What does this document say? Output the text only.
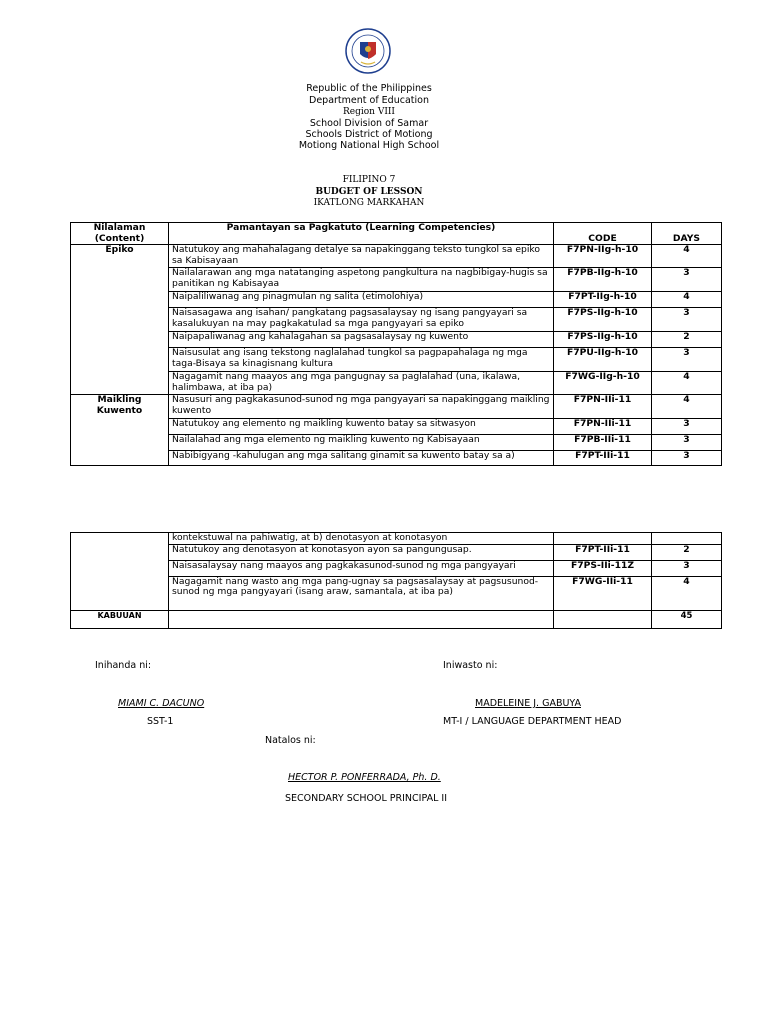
Republic of the Philippines
Department of Education
Region VIII
School Division of Samar
Schools District of Motiong
Motiong National High School
FILIPINO 7
BUDGET OF LESSON
IKATLONG MARKAHAN
Nilalaman
(Content)	Pamantayan sa Pagkatuto (Learning Competencies)	CODE	DAYS
Epiko	Natutukoy ang mahahalagang detalye sa napakinggang teksto tungkol sa epiko sa Kabisayaan	F7PN-IIg-h-10	4
	Nailalarawan ang mga natatanging aspetong pangkultura na nagbibigay-hugis sa panitikan ng Kabisayaa	F7PB-IIg-h-10	3
	Naipaliliwanag ang pinagmulan ng salita (etimolohiya)	F7PT-IIg-h-10	4
	Naisasagawa ang isahan/ pangkatang pagsasalaysay ng isang pangyayari sa kasalukuyan na may pagkakatulad sa mga pangyayari sa epiko	F7PS-IIg-h-10	3
	Naipapaliwanag ang kahalagahan sa pagsasalaysay ng kuwento	F7PS-IIg-h-10	2
	Naisusulat ang isang tekstong naglalahad tungkol sa pagpapahalaga ng mga taga-Bisaya sa kinagisnang kultura	F7PU-IIg-h-10	3
	Nagagamit nang maayos ang mga pangugnay sa paglalahad (una, ikalawa, halimbawa, at iba pa)	F7WG-IIg-h-10	4
Maikling
Kuwento	Nasusuri ang pagkakasunod-sunod ng mga pangyayari sa napakinggang maikling kuwento	F7PN-IIi-11	4
	Natutukoy ang elemento ng maikling kuwento batay sa sitwasyon	F7PN-IIi-11	3
	Nailalahad ang mga elemento ng maikling kuwento ng Kabisayaan	F7PB-IIi-11	3
	Nabibigyang -kahulugan ang mga salitang ginamit sa kuwento batay sa a)	F7PT-IIi-11	3
	kontekstuwal na pahiwatig, at b) denotasyon at konotasyon		
	Natutukoy ang denotasyon at konotasyon ayon sa pangungusap.	F7PT-IIi-11	2
	Naisasalaysay nang maayos ang pagkakasunod-sunod ng mga pangyayari	F7PS-IIi-11Z	3
	Nagagamit nang wasto ang mga pang-ugnay sa pagsasalaysay at pagsusunod-sunod ng mga pangyayari (isang araw, samantala, at iba pa)	F7WG-IIi-11	4
KABUUAN			45
Inihanda ni:	Iniwasto ni:
MIAMI C. DACUNO	MADELEINE J. GABUYA
SST-1	MT-I / LANGUAGE DEPARTMENT HEAD
Natalos ni:
HECTOR P. PONFERRADA, Ph. D.
SECONDARY SCHOOL PRINCIPAL II
